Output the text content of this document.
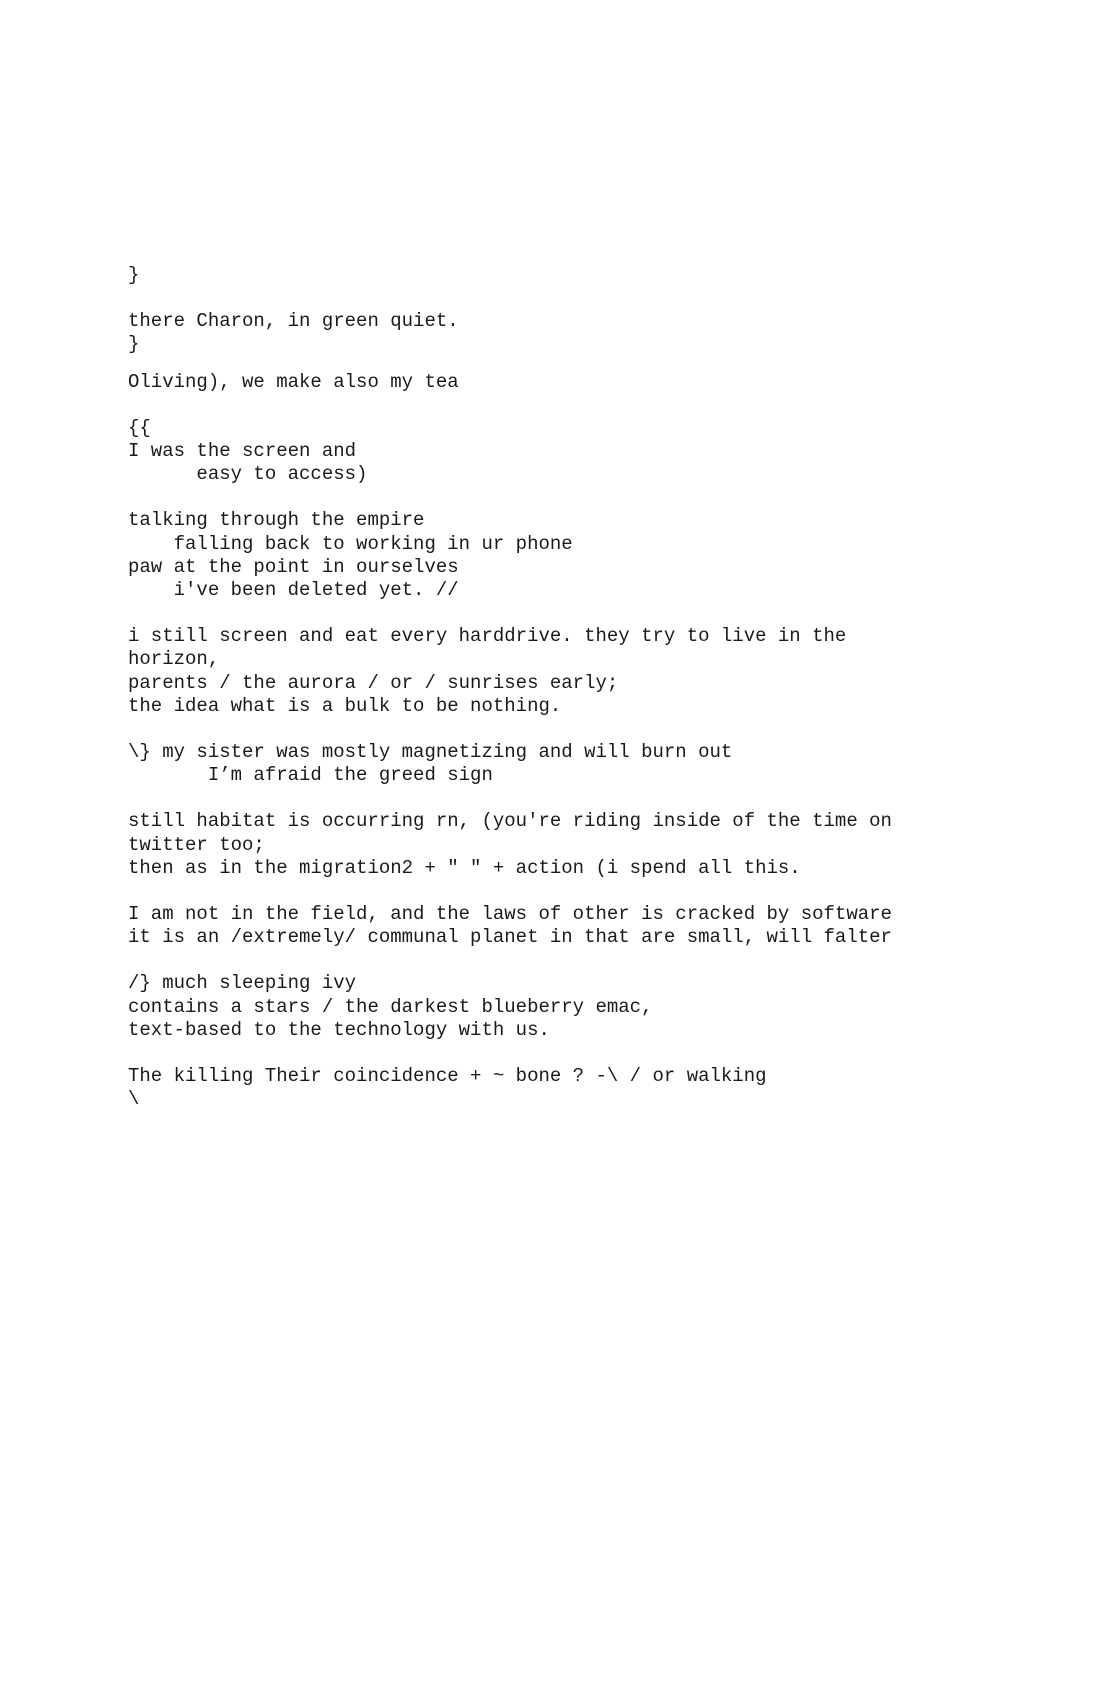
}
there Charon, in green quiet.
}
Oliving), we make also my tea
{{
I was the screen and
easy to access)
talking through the empire
falling back to working in ur phone
paw at the point in ourselves
i've been deleted yet. //
i still screen and eat every harddrive. they try to live in the
horizon,
parents / the aurora / or / sunrises early;
the idea what is a bulk to be nothing.
\} my sister was mostly magnetizing and will burn out
I’m afraid the greed sign
still habitat is occurring rn, (you're riding inside of the time on
twitter too;
then as in the migration2 + " " + action (i spend all this.
I am not in the field, and the laws of other is cracked by software
it is an /extremely/ communal planet in that are small, will falter
/} much sleeping ivy
contains a stars / the darkest blueberry emac,
text-based to the technology with us.
The killing Their coincidence + ~ bone ? -\ / or walking
\
